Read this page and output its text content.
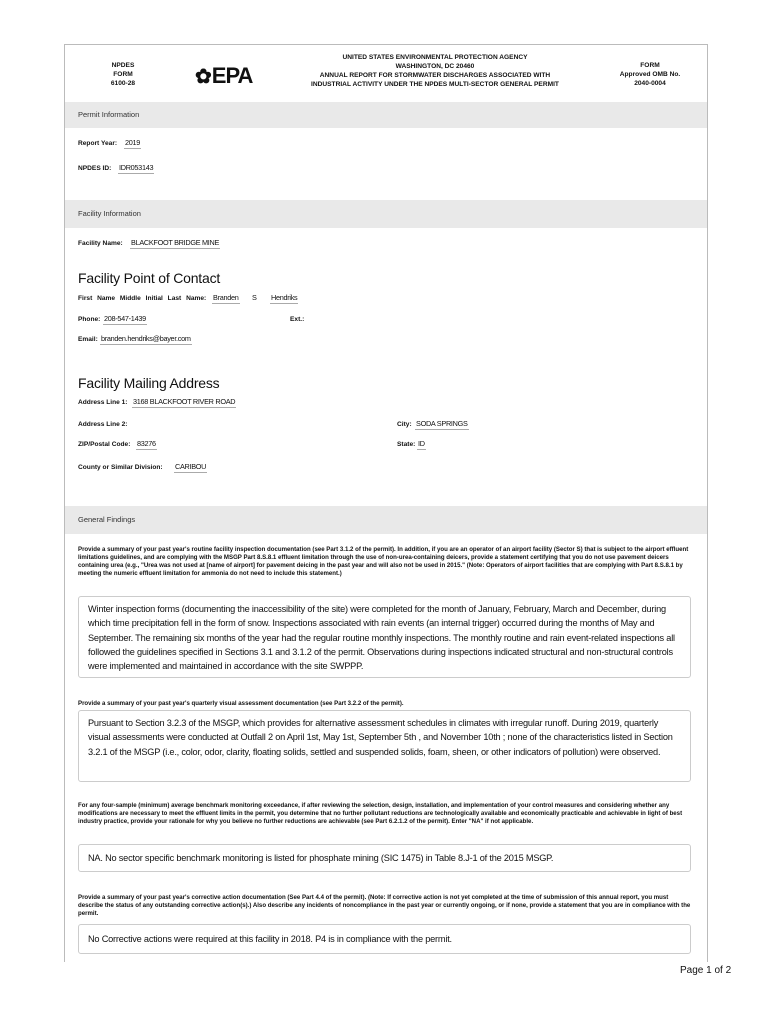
NPDES
FORM
6100-28	✿EPA
UNITED STATES ENVIRONMENTAL PROTECTION AGENCY
WASHINGTON, DC 20460
ANNUAL REPORT FOR STORMWATER DISCHARGES ASSOCIATED WITH
INDUSTRIAL ACTIVITY UNDER THE NPDES MULTI-SECTOR GENERAL PERMIT
FORM
Approved OMB No.
2040-0004
Permit Information
Report Year: 2019
NPDES ID: IDR053143
Facility Information
Facility Name: BLACKFOOT BRIDGE MINE
Facility Point of Contact
First Name Middle Initial Last Name: Branden S Hendriks
Phone: 208-547-1439	Ext.:
Email: branden.hendriks@bayer.com
Facility Mailing Address
Address Line 1: 3168 BLACKFOOT RIVER ROAD
Address Line 2:	City: SODA SPRINGS
ZIP/Postal Code: 83276	State: ID
County or Similar Division: CARIBOU
General Findings
Provide a summary of your past year's routine facility inspection documentation (see Part 3.1.2 of the permit). In addition, if you are an operator of an airport facility (Sector S) that is subject to the airport effluent limitations guidelines, and are complying with the MSGP Part 8.S.8.1 effluent limitation through the use of non-urea-containing deicers, provide a statement certifying that you do not use pavement deicers containing urea (e.g., "Urea was not used at [name of airport] for pavement deicing in the past year and will also not be used in 2015." (Note: Operators of airport facilities that are complying with Part 8.S.8.1 by meeting the numeric effluent limitation for ammonia do not need to include this statement.)
Winter inspection forms (documenting the inaccessibility of the site) were completed for the month of January, February, March and December, during which time precipitation fell in the form of snow. Inspections associated with rain events (an internal trigger) occurred during the months of May and September. The remaining six months of the year had the regular routine monthly inspections. The monthly routine and rain event-related inspections all followed the guidelines specified in Sections 3.1 and 3.1.2 of the permit. Observations during inspections indicated structural and non-structural controls were implemented and maintained in accordance with the site SWPPP.
Provide a summary of your past year's quarterly visual assessment documentation (see Part 3.2.2 of the permit).
Pursuant to Section 3.2.3 of the MSGP, which provides for alternative assessment schedules in climates with irregular runoff. During 2019, quarterly visual assessments were conducted at Outfall 2 on April 1st, May 1st, September 5th , and November 10th ; none of the characteristics listed in Section 3.2.1 of the MSGP (i.e., color, odor, clarity, floating solids, settled and suspended solids, foam, sheen, or other indicators of pollution) were observed.
For any four-sample (minimum) average benchmark monitoring exceedance, if after reviewing the selection, design, installation, and implementation of your control measures and considering whether any modifications are necessary to meet the effluent limits in the permit, you determine that no further pollutant reductions are technologically available and economically practicable and achievable in light of best industry practice, provide your rationale for why you believe no further reductions are achievable (see Part 6.2.1.2 of the permit). Enter "NA" if not applicable.
NA. No sector specific benchmark monitoring is listed for phosphate mining (SIC 1475) in Table 8.J-1 of the 2015 MSGP.
Provide a summary of your past year's corrective action documentation (See Part 4.4 of the permit). (Note: If corrective action is not yet completed at the time of submission of this annual report, you must describe the status of any outstanding corrective action(s).) Also describe any incidents of noncompliance in the past year or currently ongoing, or if none, provide a statement that you are in compliance with the permit.
No Corrective actions were required at this facility in 2018. P4 is in compliance with the permit.
Page 1 of 2
